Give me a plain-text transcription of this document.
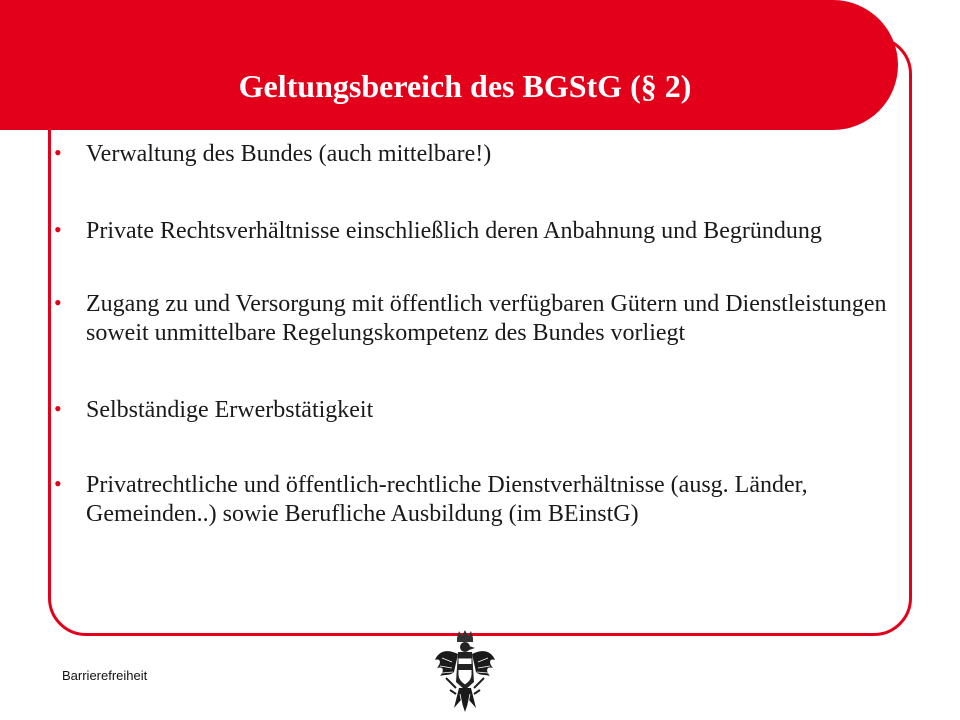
Geltungsbereich des BGStG (§ 2)
• Verwaltung des Bundes (auch mittelbare!)
• Private Rechtsverhältnisse einschließlich deren Anbahnung und Begründung
• Zugang zu und Versorgung mit öffentlich verfügbaren Gütern und Dienstleistungen soweit unmittelbare Regelungskompetenz des Bundes vorliegt
• Selbständige Erwerbstätigkeit
• Privatrechtliche und öffentlich-rechtliche Dienstverhältnisse (ausg. Länder, Gemeinden..) sowie Berufliche Ausbildung (im BEinstG)
Barrierefreiheit
